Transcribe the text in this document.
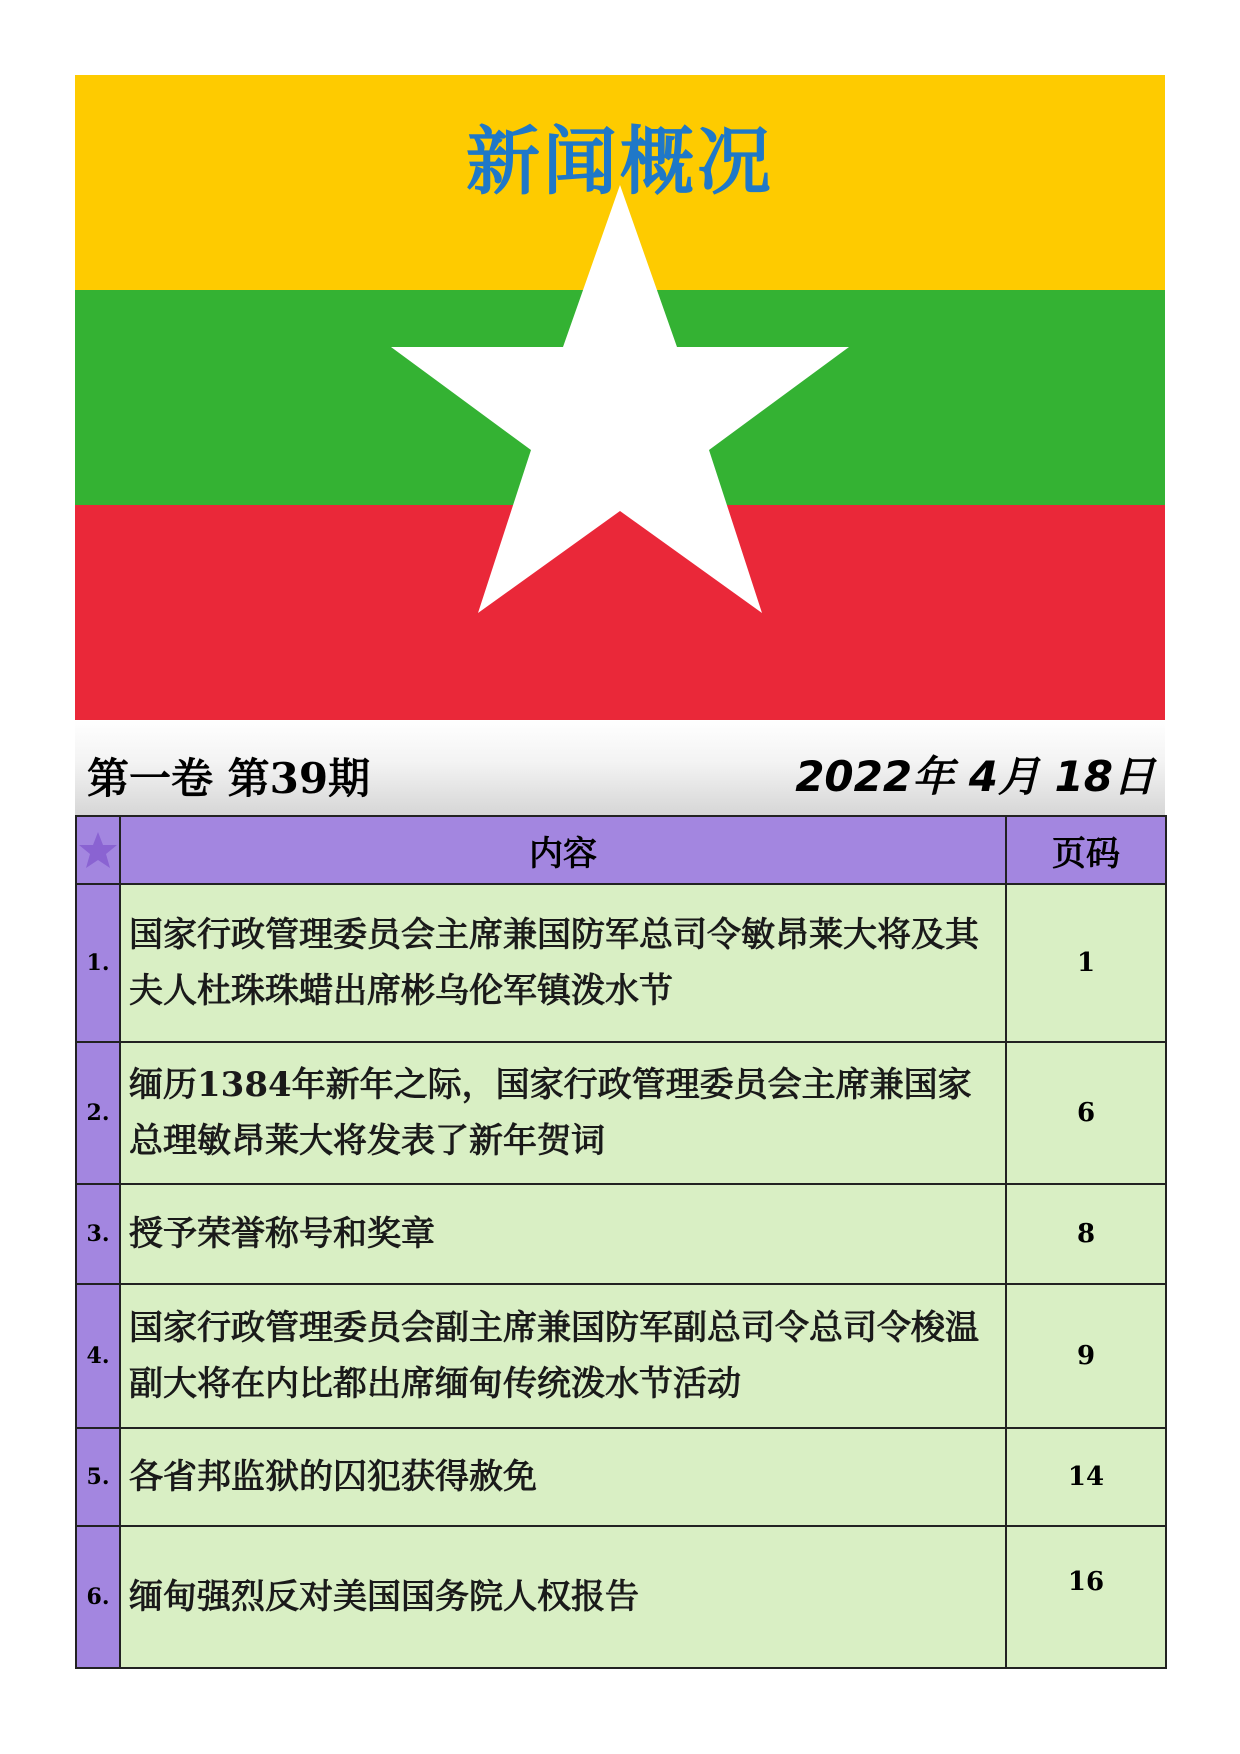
新闻概况
第一卷 第39期	2022年 4月 18日
	内容	页码
1.	国家行政管理委员会主席兼国防军总司令敏昂莱大将及其夫人杜珠珠蜡出席彬乌伦军镇泼水节	1
2.	缅历1384年新年之际，国家行政管理委员会主席兼国家总理敏昂莱大将发表了新年贺词	6
3.	授予荣誉称号和奖章	8
4.	国家行政管理委员会副主席兼国防军副总司令总司令梭温副大将在内比都出席缅甸传统泼水节活动	9
5.	各省邦监狱的囚犯获得赦免	14
6.	缅甸强烈反对美国国务院人权报告	16
